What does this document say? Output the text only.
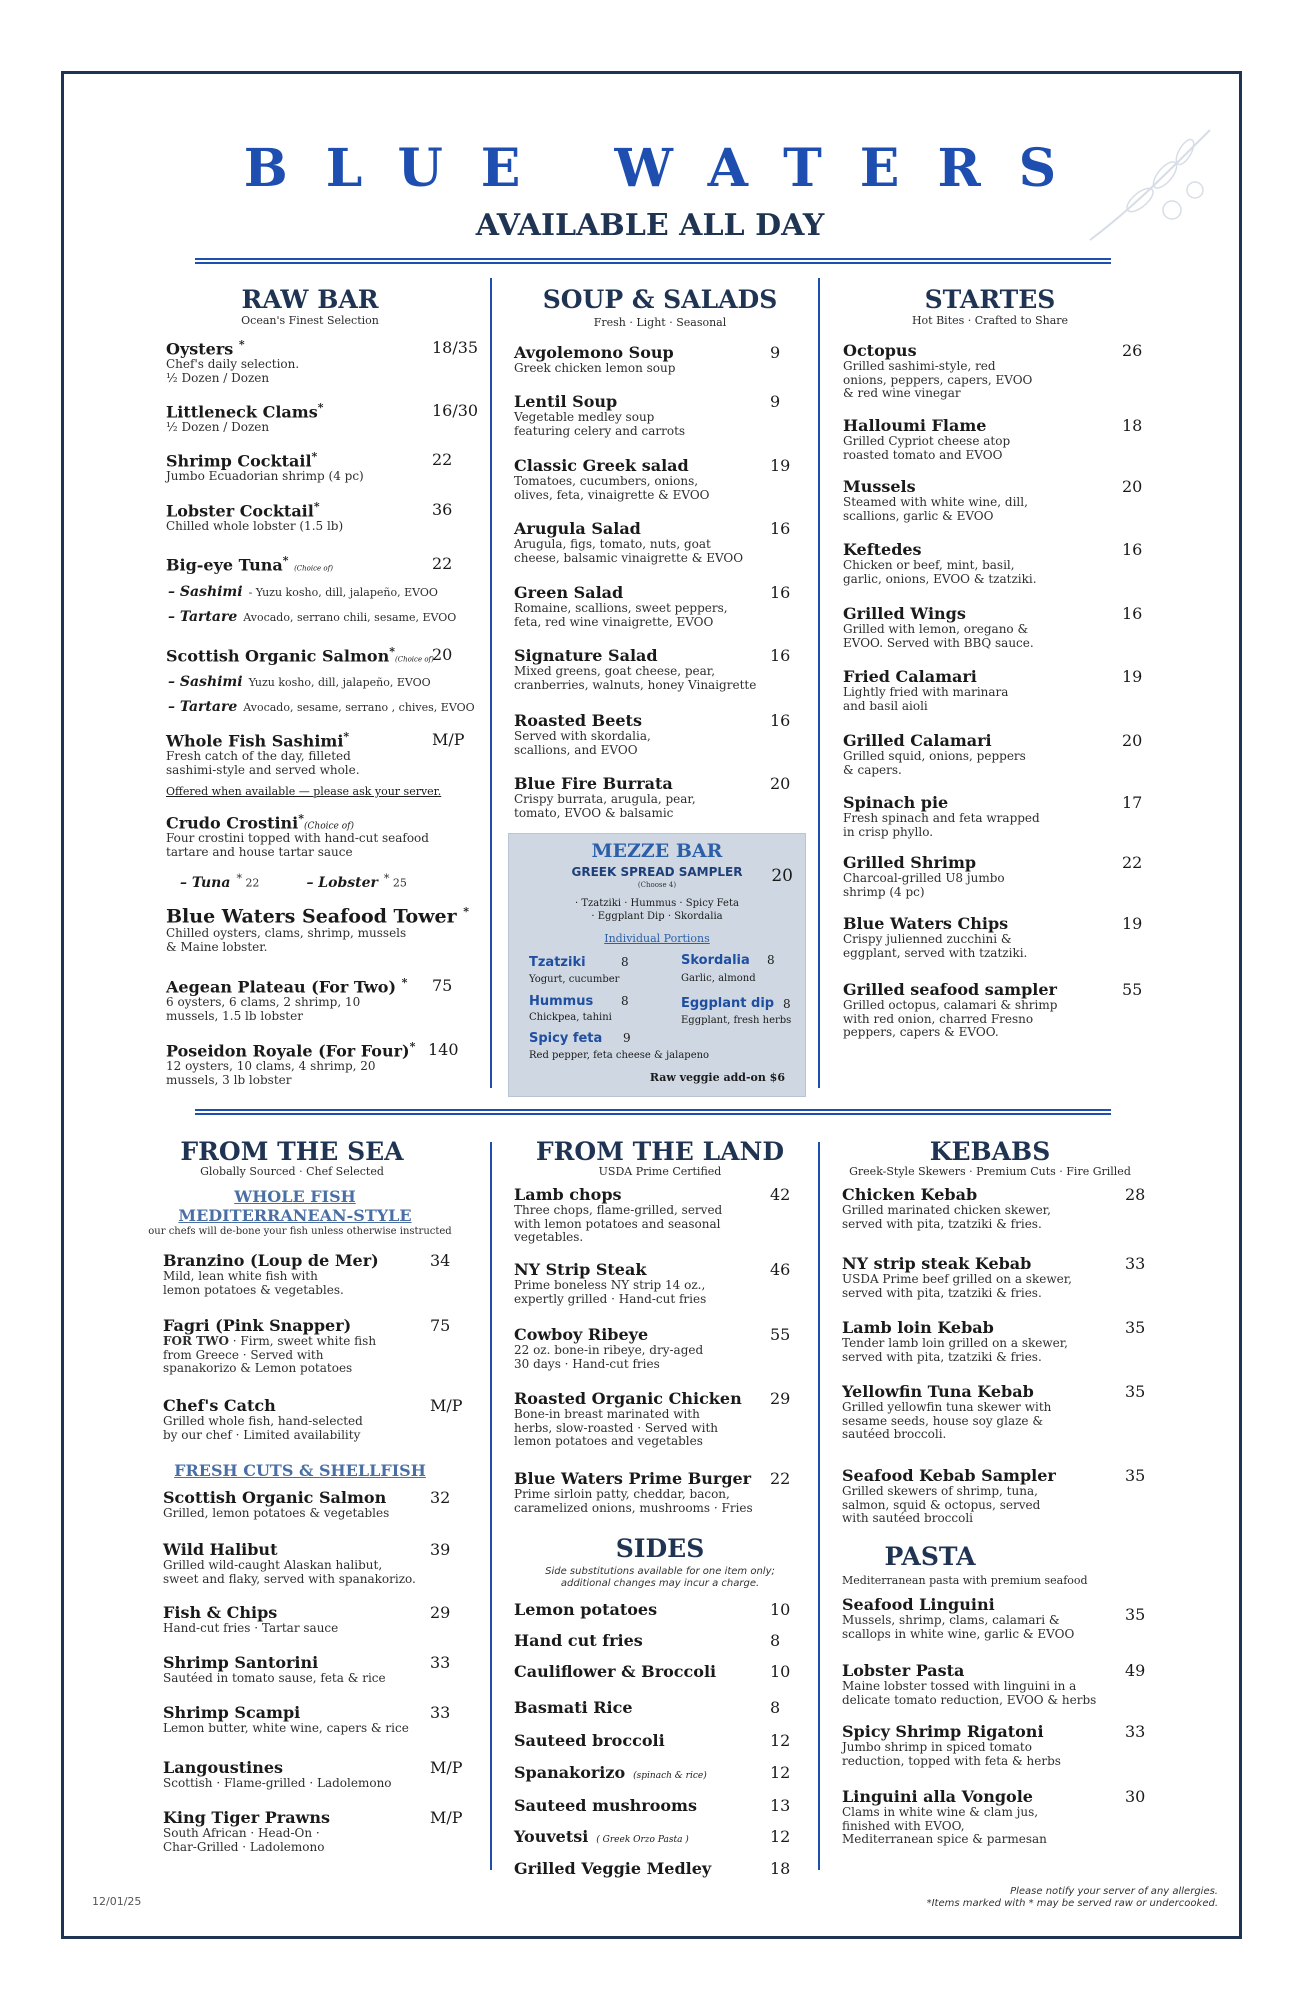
BLUE WATERS
AVAILABLE ALL DAY
RAW BAR
Ocean's Finest Selection
Oysters *
Chef's daily selection.
½ Dozen / Dozen
18/35
Littleneck Clams*
½ Dozen / Dozen
16/30
Shrimp Cocktail*
Jumbo Ecuadorian shrimp (4 pc)
22
Lobster Cocktail*
Chilled whole lobster (1.5 lb)
36
Big-eye Tuna* (Choice of)	22
– Sashimi - Yuzu kosho, dill, jalapeño, EVOO
– Tartare Avocado, serrano chili, sesame, EVOO
Scottish Organic Salmon*(Choice of)
20
– Sashimi Yuzu kosho, dill, jalapeño, EVOO
– Tartare Avocado, sesame, serrano , chives, EVOO
Whole Fish Sashimi*
Fresh catch of the day, filleted
sashimi-style and served whole.
M/P
Offered when available — please ask your server.
Crudo Crostini*(Choice of)
Four crostini topped with hand-cut seafood
tartare and house tartar sauce
– Tuna * 22	– Lobster * 25
Blue Waters Seafood Tower *
Chilled oysters, clams, shrimp, mussels
& Maine lobster.
Aegean Plateau (For Two) *
6 oysters, 6 clams, 2 shrimp, 10
mussels, 1.5 lb lobster
75
Poseidon Royale (For Four)*
12 oysters, 10 clams, 4 shrimp, 20
mussels, 3 lb lobster
140
SOUP & SALADS
Fresh · Light · Seasonal
Avgolemono Soup
Greek chicken lemon soup
9
Lentil Soup
Vegetable medley soup
featuring celery and carrots
9
Classic Greek salad
Tomatoes, cucumbers, onions,
olives, feta, vinaigrette & EVOO
19
Arugula Salad
Arugula, figs, tomato, nuts, goat
cheese, balsamic vinaigrette & EVOO
16
Green Salad
Romaine, scallions, sweet peppers,
feta, red wine vinaigrette, EVOO
16
Signature Salad
Mixed greens, goat cheese, pear,
cranberries, walnuts, honey Vinaigrette
16
Roasted Beets
Served with skordalia,
scallions, and EVOO
16
Blue Fire Burrata
Crispy burrata, arugula, pear,
tomato, EVOO & balsamic
20
MEZZE BAR
GREEK SPREAD SAMPLER	20
(Choose 4)
· Tzatziki · Hummus · Spicy Feta
· Eggplant Dip · Skordalia
Individual Portions
Tzatziki	8
Yogurt, cucumber
Skordalia 8
Garlic, almond
Hummus 8
Chickpea, tahini
Eggplant dip 8
Eggplant, fresh herbs
Spicy feta 9
Red pepper, feta cheese & jalapeno
Raw veggie add-on $6
STARTES
Hot Bites · Crafted to Share
Octopus
Grilled sashimi-style, red
onions, peppers, capers, EVOO
& red wine vinegar
26
Halloumi Flame
Grilled Cypriot cheese atop
roasted tomato and EVOO
18
Mussels
Steamed with white wine, dill,
scallions, garlic & EVOO
20
Keftedes
Chicken or beef, mint, basil,
garlic, onions, EVOO & tzatziki.
16
Grilled Wings
Grilled with lemon, oregano &
EVOO. Served with BBQ sauce.
16
Fried Calamari
Lightly fried with marinara
and basil aioli
19
Grilled Calamari
Grilled squid, onions, peppers
& capers.
20
Spinach pie
Fresh spinach and feta wrapped
in crisp phyllo.
17
Grilled Shrimp
Charcoal-grilled U8 jumbo
shrimp (4 pc)
22
Blue Waters Chips
Crispy julienned zucchini &
eggplant, served with tzatziki.
19
Grilled seafood sampler
Grilled octopus, calamari & shrimp
with red onion, charred Fresno
peppers, capers & EVOO.
55
FROM THE SEA
Globally Sourced · Chef Selected
WHOLE FISH
MEDITERRANEAN-STYLE
our chefs will de-bone your fish unless otherwise instructed
FRESH CUTS & SHELLFISH
Branzino (Loup de Mer)
Mild, lean white fish with
lemon potatoes & vegetables.
34
Fagri (Pink Snapper)
FOR TWO · Firm, sweet white fish
from Greece · Served with
spanakorizo & Lemon potatoes
75
Chef's Catch
Grilled whole fish, hand-selected
by our chef · Limited availability
M/P
Scottish Organic Salmon
Grilled, lemon potatoes & vegetables
32
Wild Halibut
Grilled wild-caught Alaskan halibut,
sweet and flaky, served with spanakorizo.
39
Fish & Chips
Hand-cut fries · Tartar sauce
29
Shrimp Santorini
Sautéed in tomato sause, feta & rice
33
Shrimp Scampi
Lemon butter, white wine, capers & rice
33
Langoustines
Scottish · Flame-grilled · Ladolemono
M/P
King Tiger Prawns
South African · Head-On ·
Char-Grilled · Ladolemono
M/P
FROM THE LAND
USDA Prime Certified
Lamb chops
Three chops, flame-grilled, served
with lemon potatoes and seasonal
vegetables.
42
NY Strip Steak
Prime boneless NY strip 14 oz.,
expertly grilled · Hand-cut fries
46
Cowboy Ribeye
22 oz. bone-in ribeye, dry-aged
30 days · Hand-cut fries
55
Roasted Organic Chicken
Bone-in breast marinated with
herbs, slow-roasted · Served with
lemon potatoes and vegetables
29
Blue Waters Prime Burger
Prime sirloin patty, cheddar, bacon,
caramelized onions, mushrooms · Fries
22
SIDES
Side substitutions available for one item only;
additional changes may incur a charge.
Lemon potatoes	10
Hand cut fries	8
Cauliflower & Broccoli	10
Basmati Rice	8
Sauteed broccoli	12
Spanakorizo (spinach & rice)	12
Sauteed mushrooms	13
Youvetsi ( Greek Orzo Pasta )	12
Grilled Veggie Medley	18
KEBABS
Greek-Style Skewers · Premium Cuts · Fire Grilled
Chicken Kebab
Grilled marinated chicken skewer,
served with pita, tzatziki & fries.
28
NY strip steak Kebab
USDA Prime beef grilled on a skewer,
served with pita, tzatziki & fries.
33
Lamb loin Kebab
Tender lamb loin grilled on a skewer,
served with pita, tzatziki & fries.
35
Yellowfin Tuna Kebab
Grilled yellowfin tuna skewer with
sesame seeds, house soy glaze &
sautéed broccoli.
35
Seafood Kebab Sampler
Grilled skewers of shrimp, tuna,
salmon, squid & octopus, served
with sautéed broccoli
35
PASTA
Mediterranean pasta with premium seafood
Seafood Linguini
Mussels, shrimp, clams, calamari &
scallops in white wine, garlic & EVOO
35
Lobster Pasta
Maine lobster tossed with linguini in a
delicate tomato reduction, EVOO & herbs
49
Spicy Shrimp Rigatoni
Jumbo shrimp in spiced tomato
reduction, topped with feta & herbs
33
Linguini alla Vongole
Clams in white wine & clam jus,
finished with EVOO,
Mediterranean spice & parmesan
30
12/01/25
Please notify your server of any allergies.
*Items marked with * may be served raw or undercooked.
